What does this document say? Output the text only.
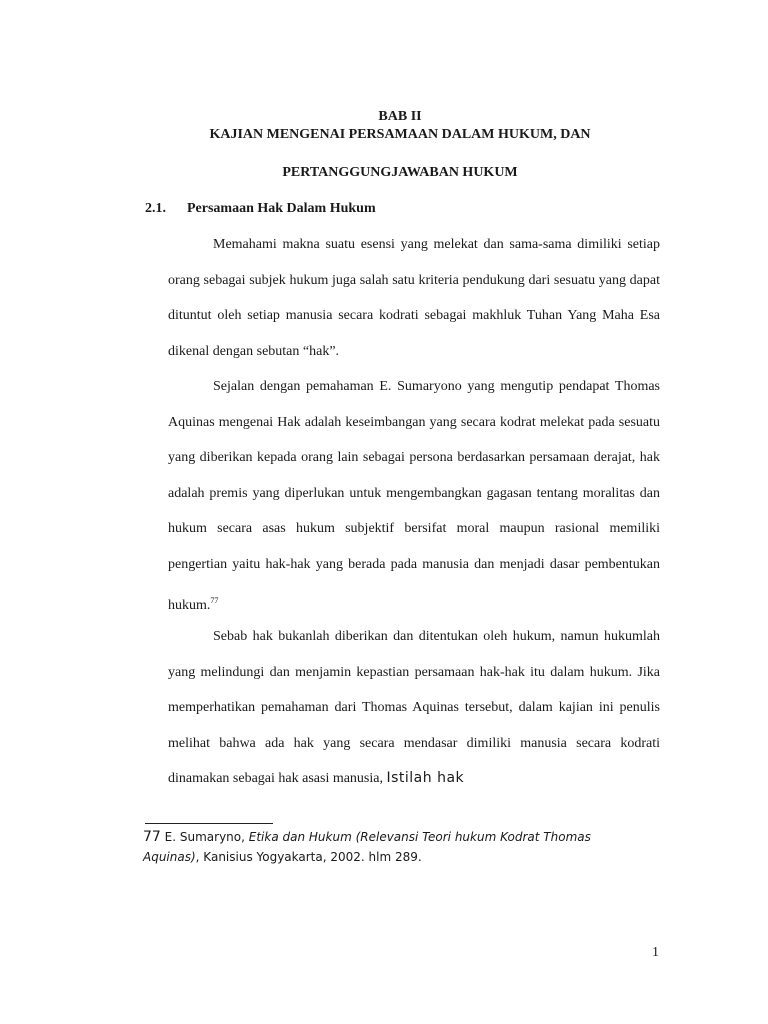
BAB II
KAJIAN MENGENAI PERSAMAAN DALAM HUKUM, DAN
PERTANGGUNGJAWABAN HUKUM
2.1. Persamaan Hak Dalam Hukum

Memahami makna suatu esensi yang melekat dan sama-sama dimiliki setiap orang sebagai subjek hukum juga salah satu kriteria pendukung dari sesuatu yang dapat dituntut oleh setiap manusia secara kodrati sebagai makhluk Tuhan Yang Maha Esa dikenal dengan sebutan “hak”.

Sejalan dengan pemahaman E. Sumaryono yang mengutip pendapat Thomas Aquinas mengenai Hak adalah keseimbangan yang secara kodrat melekat pada sesuatu yang diberikan kepada orang lain sebagai persona berdasarkan persamaan derajat, hak adalah premis yang diperlukan untuk mengembangkan gagasan tentang moralitas dan hukum secara asas hukum subjektif bersifat moral maupun rasional memiliki pengertian yaitu hak-hak yang berada pada manusia dan menjadi dasar pembentukan hukum.$^{77}$

Sebab hak bukanlah diberikan dan ditentukan oleh hukum, namun hukumlah yang melindungi dan menjamin kepastian persamaan hak-hak itu dalam hukum. Jika memperhatikan pemahaman dari Thomas Aquinas tersebut, dalam kajian ini penulis melihat bahwa ada hak yang secara mendasar dimiliki manusia secara kodrati dinamakan sebagai hak asasi manusia, Istilah hak

77 E. Sumaryno, Etika dan Hukum (Relevansi Teori hukum Kodrat Thomas Aquinas), Kanisius Yogyakarta, 2002. hlm 289.
1
